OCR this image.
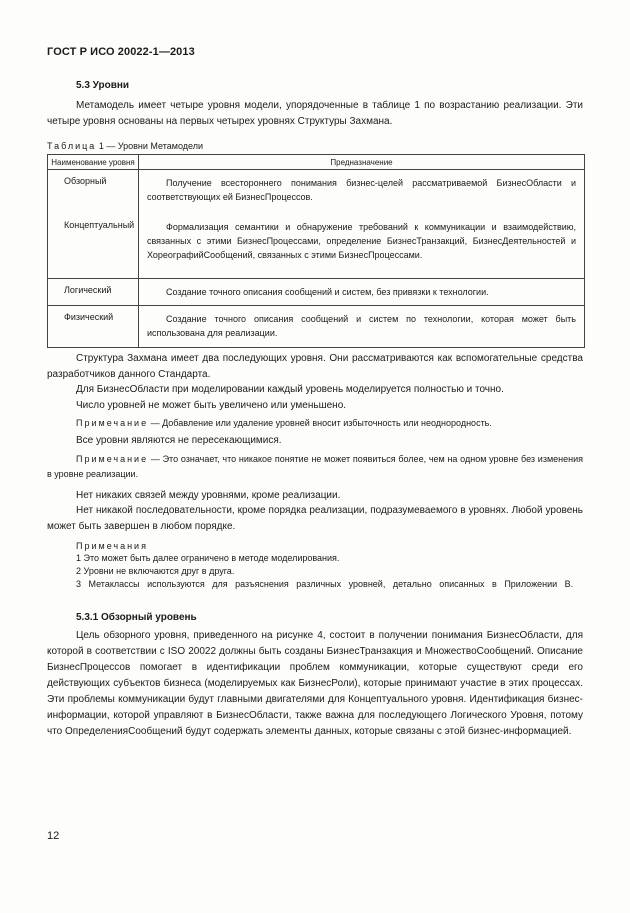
ГОСТ Р ИСО 20022-1—2013
5.3 Уровни
Метамодель имеет четыре уровня модели, упорядоченные в таблице 1 по возрастанию реализации. Эти четыре уровня основаны на первых четырех уровнях Структуры Захмана.
Таблица 1 — Уровни Метамодели
Наименование уровня	Предназначение
Обзорный	Получение всестороннего понимания бизнес-целей рассматриваемой БизнесОбласти и соответствующих ей БизнесПроцессов.
Концептуальный	Формализация семантики и обнаружение требований к коммуникации и взаимодействию, связанных с этими БизнесПроцессами, определение БизнесТранзакций, БизнесДеятельностей и ХореографийСообщений, связанных с этими БизнесПроцессами.
Логический	Создание точного описания сообщений и систем, без привязки к технологии.
Физический	Создание точного описания сообщений и систем по технологии, которая может быть использована для реализации.
Структура Захмана имеет два последующих уровня. Они рассматриваются как вспомогательные средства разработчиков данного Стандарта.
Для БизнесОбласти при моделировании каждый уровень моделируется полностью и точно.
Число уровней не может быть увеличено или уменьшено.
Примечание — Добавление или удаление уровней вносит избыточность или неоднородность.
Все уровни являются не пересекающимися.
Примечание — Это означает, что никакое понятие не может появиться более, чем на одном уровне без изменения в уровне реализации.
Нет никаких связей между уровнями, кроме реализации.
Нет никакой последовательности, кроме порядка реализации, подразумеваемого в уровнях. Любой уровень может быть завершен в любом порядке.
Примечания
1 Это может быть далее ограничено в методе моделирования.
2 Уровни не включаются друг в друга.
3 Метаклассы используются для разъяснения различных уровней, детально описанных в Приложении В.
5.3.1 Обзорный уровень
Цель обзорного уровня, приведенного на рисунке 4, состоит в получении понимания БизнесОбласти, для которой в соответствии с ISO 20022 должны быть созданы БизнесТранзакция и МножествоСообщений. Описание БизнесПроцессов помогает в идентификации проблем коммуникации, которые существуют среди его действующих субъектов бизнеса (моделируемых как БизнесРоли), которые принимают участие в этих процессах. Эти проблемы коммуникации будут главными двигателями для Концептуального уровня. Идентификация бизнес-информации, которой управляют в БизнесОбласти, также важна для последующего Логического Уровня, потому что ОпределенияСообщений будут содержать элементы данных, которые связаны с этой бизнес-информацией.
12
